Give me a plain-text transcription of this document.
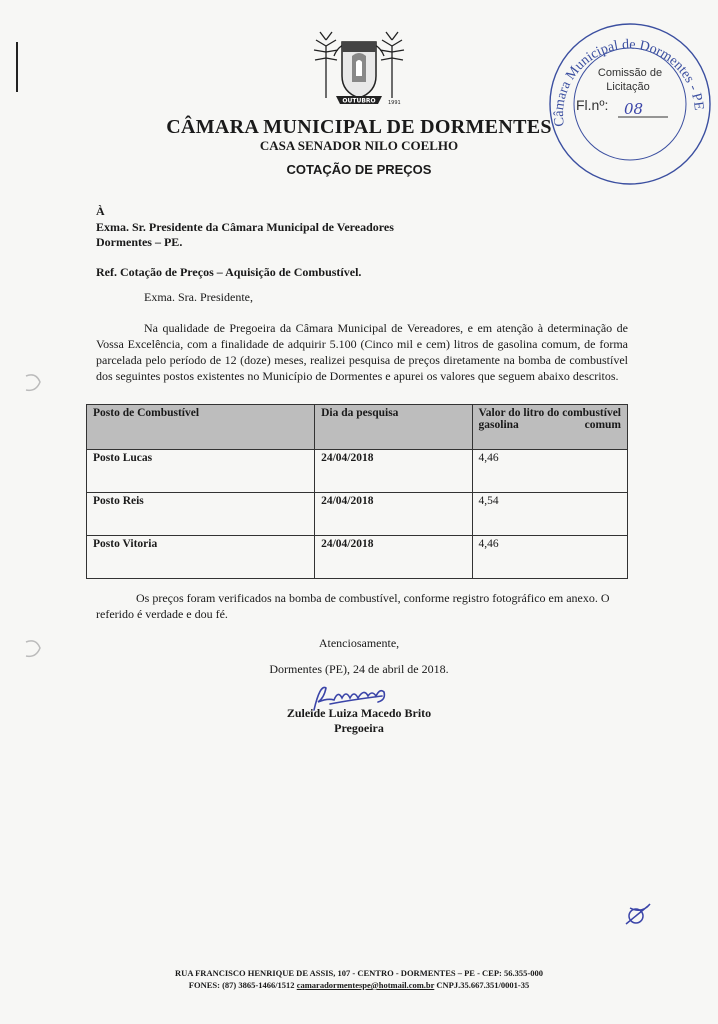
OUTUBRO 1991
Câmara Municipal de Dormentes - PE
Comissão de
Licitação
Fl.nº: 08
CÂMARA MUNICIPAL DE DORMENTES
CASA SENADOR NILO COELHO
COTAÇÃO DE PREÇOS
À
Exma. Sr. Presidente da Câmara Municipal de Vereadores
Dormentes – PE.
Ref. Cotação de Preços – Aquisição de Combustível.
Exma. Sra. Presidente,
Na qualidade de Pregoeira da Câmara Municipal de Vereadores, e em atenção à determinação de Vossa Excelência, com a finalidade de adquirir 5.100 (Cinco mil e cem) litros de gasolina comum, de forma parcelada pelo período de 12 (doze) meses, realizei pesquisa de preços diretamente na bomba de combustível dos seguintes postos existentes no Município de Dormentes e apurei os valores que seguem abaixo descritos.
Posto de Combustível	Dia da pesquisa	Valor do litro do combustível gasolina comum
Posto Lucas	24/04/2018	4,46
Posto Reis	24/04/2018	4,54
Posto Vitoria	24/04/2018	4,46
Os preços foram verificados na bomba de combustível, conforme registro fotográfico em anexo. O referido é verdade e dou fé.
Atenciosamente,
Dormentes (PE), 24 de abril de 2018.
Zuleide Luiza Macedo Brito
Pregoeira
RUA FRANCISCO HENRIQUE DE ASSIS, 107 - CENTRO - DORMENTES – PE - CEP: 56.355-000
FONES: (87) 3865-1466/1512 camaradormentespe@hotmail.com.br CNPJ.35.667.351/0001-35
